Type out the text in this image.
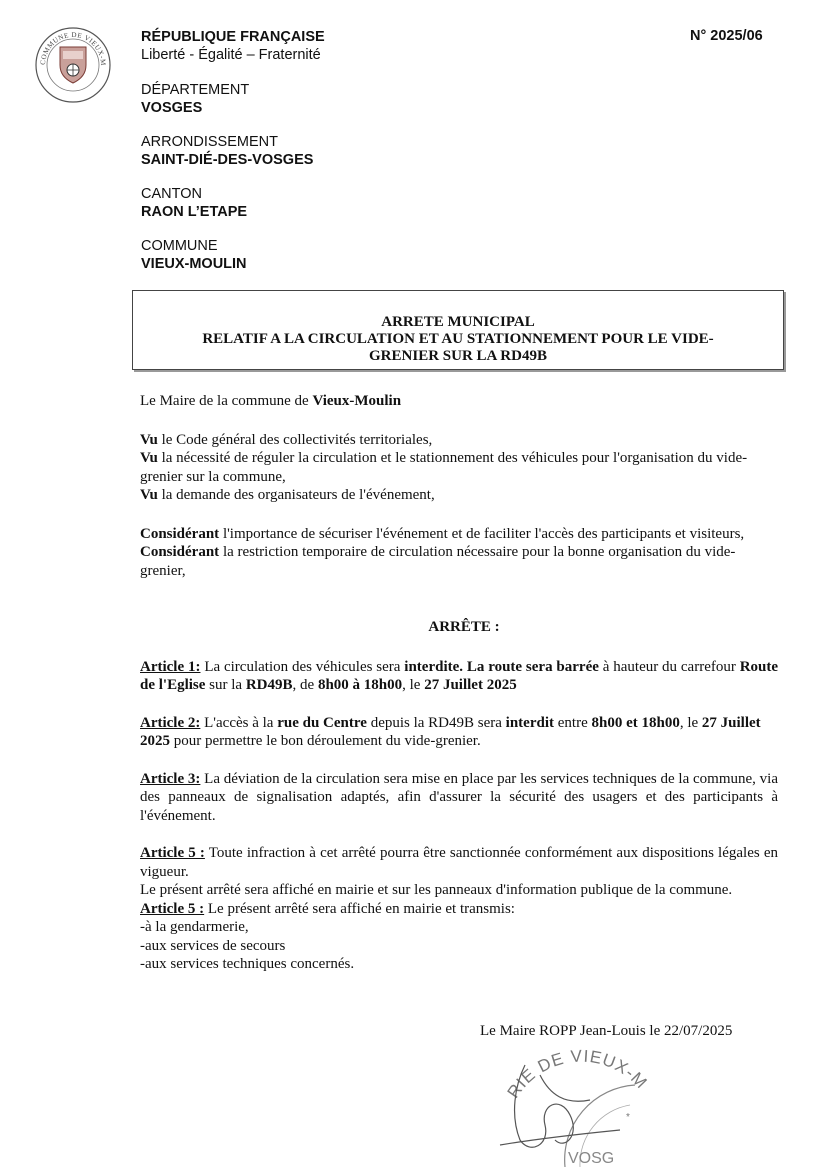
COMMUNE DE VIEUX-M
RÉPUBLIQUE FRANÇAISE
Liberté - Égalité – Fraternité
DÉPARTEMENT
VOSGES
ARRONDISSEMENT
SAINT-DIÉ-DES-VOSGES
CANTON
RAON L’ETAPE
COMMUNE
VIEUX-MOULIN
N° 2025/06
ARRETE MUNICIPAL
RELATIF A LA CIRCULATION ET AU STATIONNEMENT POUR LE VIDE-
GRENIER SUR LA RD49B

Le Maire de la commune de Vieux-Moulin

Vu le Code général des collectivités territoriales,

Vu la nécessité de réguler la circulation et le stationnement des véhicules pour l'organisation du vide-grenier sur la commune,

Vu la demande des organisateurs de l'événement,

Considérant l'importance de sécuriser l'événement et de faciliter l'accès des participants et visiteurs,

Considérant la restriction temporaire de circulation nécessaire pour la bonne organisation du vide-grenier,

ARRÊTE :

Article 1: La circulation des véhicules sera interdite. La route sera barrée à hauteur du carrefour Route de l'Eglise sur la RD49B, de 8h00 à 18h00, le 27 Juillet 2025

Article 2: L'accès à la rue du Centre depuis la RD49B sera interdit entre 8h00 et 18h00, le 27 Juillet 2025 pour permettre le bon déroulement du vide-grenier.

Article 3: La déviation de la circulation sera mise en place par les services techniques de la commune, via des panneaux de signalisation adaptés, afin d'assurer la sécurité des usagers et des participants à l'événement.

Article 5 : Toute infraction à cet arrêté pourra être sanctionnée conformément aux dispositions légales en vigueur.

Le présent arrêté sera affiché en mairie et sur les panneaux d'information publique de la commune.

Article 5 : Le présent arrêté sera affiché en mairie et transmis:

-à la gendarmerie,

-aux services de secours

-aux services techniques concernés.

Le Maire ROPP Jean-Louis le 22/07/2025
RIE DE VIEUX-M
VOSG
*
